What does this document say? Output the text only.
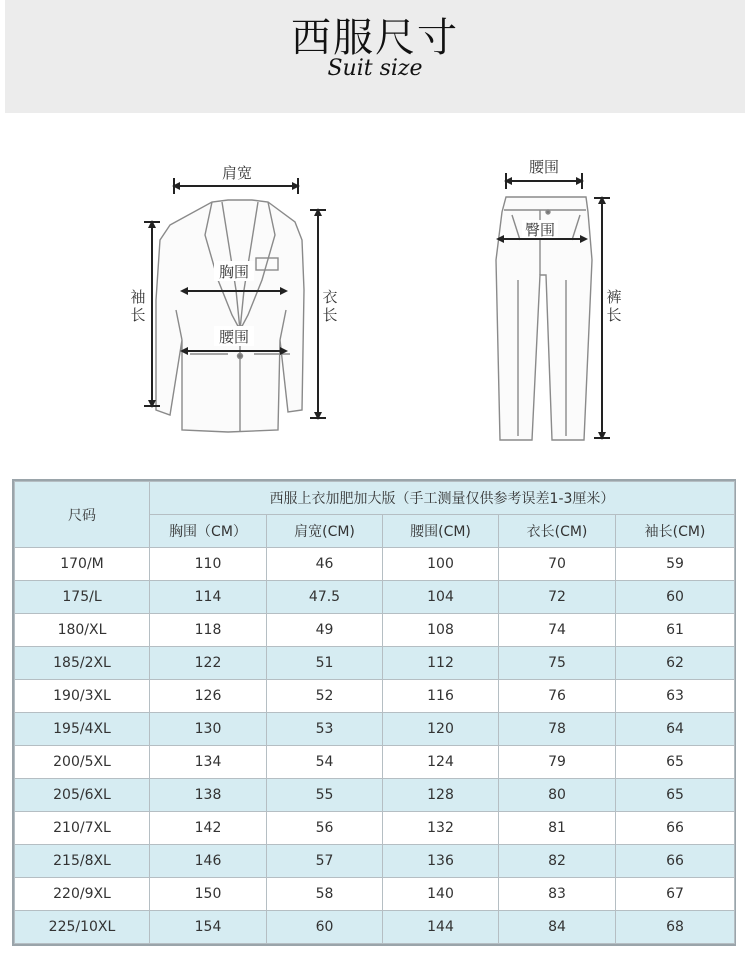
西服尺寸
Suit size
肩宽
胸围
腰围
袖
长
衣
长
腰围
臀围
裤
长
尺码	西服上衣加肥加大版（手工测量仅供参考误差1-3厘米）				
	胸围（CM）	肩宽(CM)	腰围(CM)	衣长(CM)	袖长(CM)
170/M	110	46	100	70	59
175/L	114	47.5	104	72	60
180/XL	118	49	108	74	61
185/2XL	122	51	112	75	62
190/3XL	126	52	116	76	63
195/4XL	130	53	120	78	64
200/5XL	134	54	124	79	65
205/6XL	138	55	128	80	65
210/7XL	142	56	132	81	66
215/8XL	146	57	136	82	66
220/9XL	150	58	140	83	67
225/10XL	154	60	144	84	68
